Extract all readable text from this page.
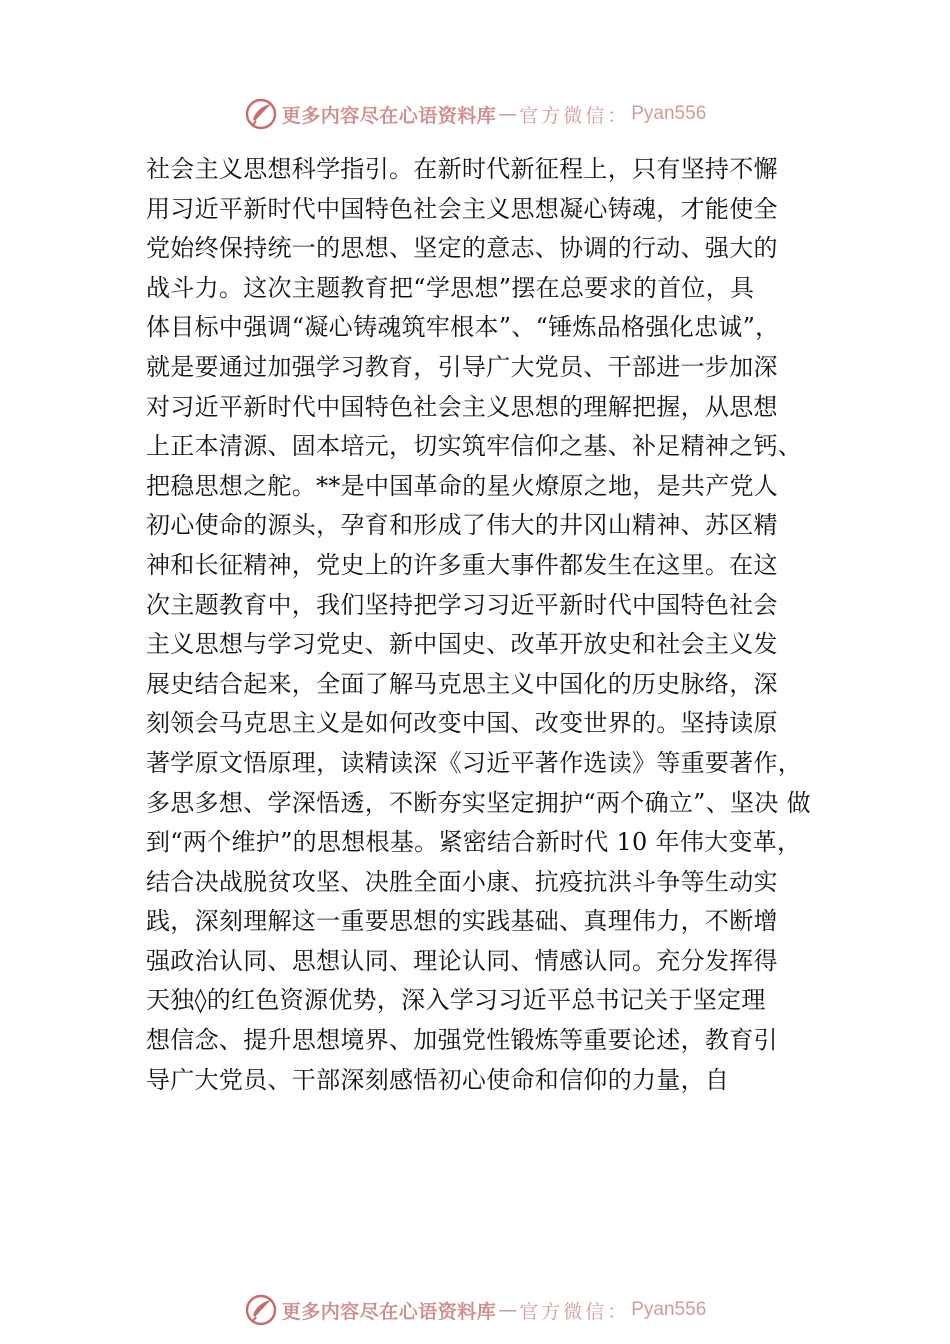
更多内容尽在心语资料库 — 官方微信： Pyan556
社会主义思想科学指引。在新时代新征程上，只有坚持不懈
用习近平新时代中国特色社会主义思想凝心铸魂，才能使全
党始终保持统一的思想、坚定的意志、协调的行动、强大的
战斗力。这次主题教育把“学思想”摆在总要求的首位，具
体目标中强调“凝心铸魂筑牢根本”、“锤炼品格强化忠诚”，
就是要通过加强学习教育，引导广大党员、干部进一步加深
对习近平新时代中国特色社会主义思想的理解把握，从思想
上正本清源、固本培元，切实筑牢信仰之基、补足精神之钙、
把稳思想之舵。**是中国革命的星火燎原之地，是共产党人
初心使命的源头，孕育和形成了伟大的井冈山精神、苏区精
神和长征精神，党史上的许多重大事件都发生在这里。在这
次主题教育中，我们坚持把学习习近平新时代中国特色社会
主义思想与学习党史、新中国史、改革开放史和社会主义发
展史结合起来，全面了解马克思主义中国化的历史脉络，深
刻领会马克思主义是如何改变中国、改变世界的。坚持读原
著学原文悟原理，读精读深《习近平著作选读》等重要著作，
多思多想、学深悟透，不断夯实坚定拥护“两个确立”、坚决 做
到“两个维护”的思想根基。紧密结合新时代 10 年伟大变革，
结合决战脱贫攻坚、决胜全面小康、抗疫抗洪斗争等生动实
践，深刻理解这一重要思想的实践基础、真理伟力，不断增
强政治认同、思想认同、理论认同、情感认同。充分发挥得
天独◊的红色资源优势，深入学习习近平总书记关于坚定理
想信念、提升思想境界、加强党性锻炼等重要论述，教育引
导广大党员、干部深刻感悟初心使命和信仰的力量，自
更多内容尽在心语资料库 — 官方微信： Pyan556
